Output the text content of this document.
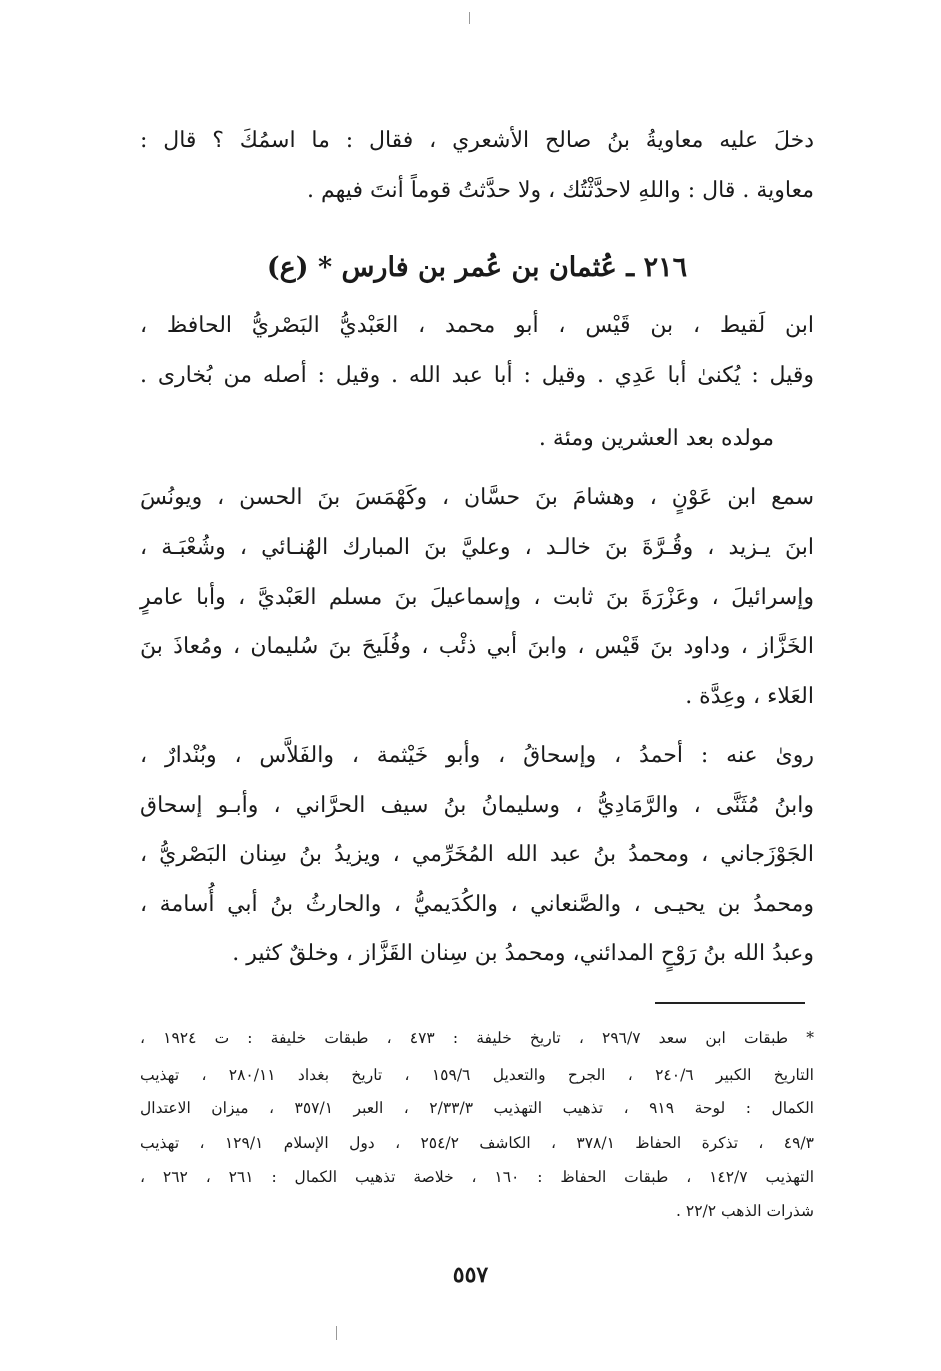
دخلَ عليه معاويةُ بنُ صالح الأشعري ، فقال : ما اسمُكَ ؟ قال :
معاوية . قال : واللهِ لاحدَّثْتُك ، ولا حدَّثتُ قوماً أنتَ فيهم .
٢١٦ ـ عُثمان بن عُمر بن فارس * (ع)
ابن لَقيط ، بن قَيْس ، أبو محمد ، العَبْديُّ البَصْريُّ الحافظ ،
وقيل : يُكنىٰ أبا عَدِي . وقيل : أبا عبد الله . وقيل : أصله من بُخارى .
مولده بعد العشرين ومئة .
سمع ابن عَوْنٍ ، وهشامَ بنَ حسَّان ، وكَهْمَسَ بنَ الحسن ، ويونُسَ
ابنَ يـزيد ، وقُـرَّةَ بنَ خالـد ، وعليَّ بنَ المبارك الهُنـائي ، وشُعْبَـة ،
وإسرائيلَ ، وعَزْرَةَ بنَ ثابت ، وإسماعيلَ بنَ مسلم العَبْديَّ ، وأبا عامرٍ
الخَزَّاز ، وداود بنَ قَيْس ، وابنَ أبي ذئْب ، وفُلَيحَ بنَ سُليمان ، ومُعاذَ بنَ
العَلاء ، وعِدَّة .
روىٰ عنه : أحمدُ ، وإسحاقُ ، وأبو خَيْثمة ، والفَلاَّس ، وبُنْدارٌ ،
وابنُ مُثَنَّى ، والرَّمَادِيُّ ، وسليمانُ بنُ سيف الحرَّاني ، وأبـو إسحاق
الجَوْزَجاني ، ومحمدُ بنُ عبد الله المُخَرِّمي ، ويزيدُ بنُ سِنان البَصْريُّ ،
ومحمدُ بن يحيـى ، والصَّنعاني ، والكُدَيميُّ ، والحارثُ بنُ أبي أُسامة ،
وعبدُ الله بنُ رَوْحٍ المدائني، ومحمدُ بن سِنان القَزَّاز ، وخلقٌ كثير .
* طبقات ابن سعد ٢٩٦/٧ ، تاريخ خليفة : ٤٧٣ ، طبقات خليفة : ت ١٩٢٤ ،
التاريخ الكبير ٢٤٠/٦ ، الجرح والتعديل ١٥٩/٦ ، تاريخ بغداد ٢٨٠/١١ ، تهذيب
الكمال : لوحة ٩١٩ ، تذهيب التهذيب ٢/٣٣/٣ ، العبر ٣٥٧/١ ، ميزان الاعتدال
٤٩/٣ ، تذكرة الحفاظ ٣٧٨/١ ، الكاشف ٢٥٤/٢ ، دول الإسلام ١٢٩/١ ، تهذيب
التهذيب ١٤٢/٧ ، طبقات الحفاظ : ١٦٠ ، خلاصة تذهيب الكمال : ٢٦١ ، ٢٦٢ ،
شذرات الذهب ٢٢/٢ .
٥٥٧
